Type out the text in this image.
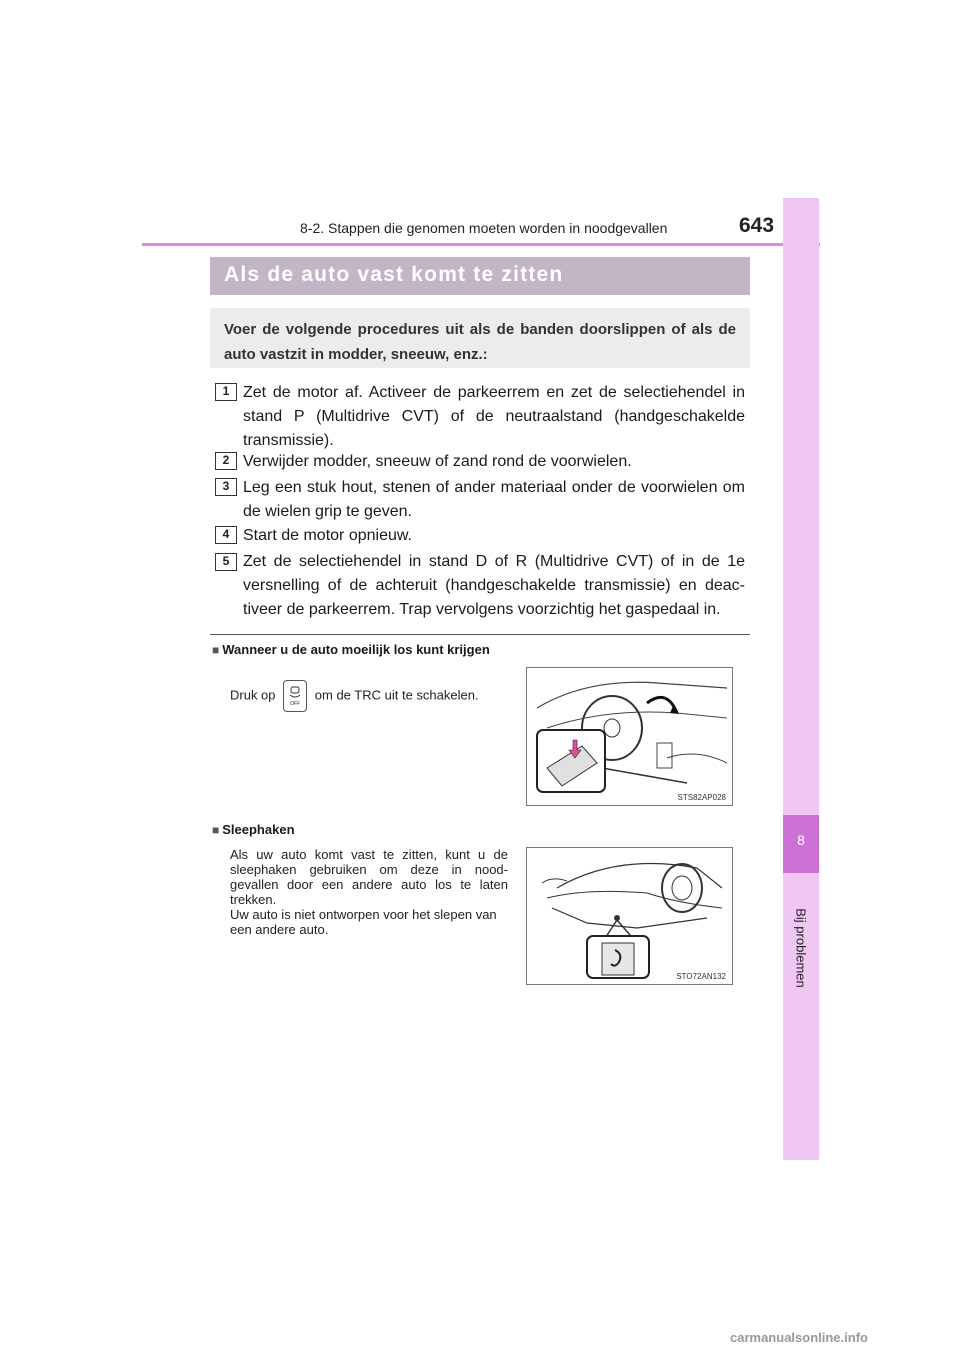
8-2. Stappen die genomen moeten worden in noodgevallen	643
8
Bij problemen
Als de auto vast komt te zitten
Voer de volgende procedures uit als de banden doorslippen of als de auto vastzit in modder, sneeuw, enz.:
1 Zet de motor af. Activeer de parkeerrem en zet de selectiehendel in stand P (Multidrive CVT) of de neutraalstand (handgeschakelde transmissie).
2 Verwijder modder, sneeuw of zand rond de voorwielen.
3 Leg een stuk hout, stenen of ander materiaal onder de voorwielen om de wielen grip te geven.
4 Start de motor opnieuw.
5 Zet de selectiehendel in stand D of R (Multidrive CVT) of in de 1e versnelling of de achteruit (handgeschakelde transmissie) en deac-tiveer de parkeerrem. Trap vervolgens voorzichtig het gaspedaal in.
■ Wanneer u de auto moeilijk los kunt krijgen
Druk op
OFF
om de TRC uit te schakelen.
STS82AP028
■ Sleephaken
Als uw auto komt vast te zitten, kunt u de sleephaken gebruiken om deze in nood-gevallen door een andere auto los te laten trekken.
Uw auto is niet ontworpen voor het slepen van een andere auto.
STO72AN132
carmanualsonline.info
